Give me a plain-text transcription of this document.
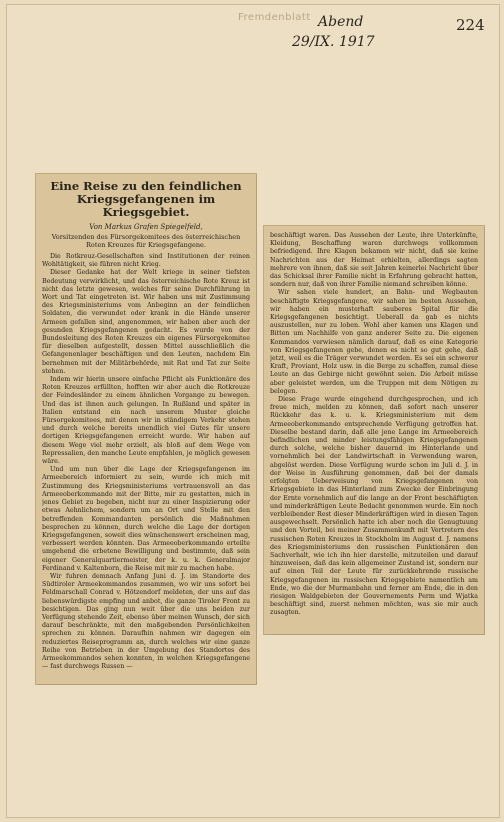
Fremdenblatt Abend
29/IX. 1917
224
Eine Reise zu den feindlichen Kriegsgefangenen im Kriegsgebiet.
Von Markus Grafen Spiegelfeld,
Vorsitzenden des Fürsorgekomitees des österreichischen Roten Kreuzes für Kriegsgefangene.

Die Rotkreuz-Gesellschaften sind Institutionen der reinen Wohltätigkeit, sie führen nicht Krieg.

Dieser Gedanke hat der Welt kriege in seiner tiefsten Bedeutung verwirklicht, und das österreichische Rote Kreuz ist nicht das letzte gewesen, welches für seine Durchführung in Wort und Tat eingetreten ist. Wir haben uns mit Zustimmung des Kriegsministeriums vom Anbeginn an der feindlichen Soldaten, die verwundet oder krank in die Hände unserer Armeen gefallen sind, angenommen, wir haben aber auch der gesunden Kriegsgefangenen gedacht. Es wurde von der Bundesleitung des Roten Kreuzes ein eigenes Fürsorgekomitee für dieselben aufgestellt, dessen Mittel ausschließlich die Gefangenenlager beschäftigen und den Leuten, nachdem Ein bernehmen mit der Militärbehörde, mit Rat und Tat zur Seite stehen.

Indem wir hierin unsere einfache Pflicht als Funktionäre des Roten Kreuzes erfüllten, hofften wir aber auch die Rotkreuze der Feindesländer zu einem ähnlichen Vorgange zu bewegen. Und das ist ihnen auch gelungen. In Rußland und später in Italien entstand ein nach unserem Muster gleiche Fürsorgekomitees, mit denen wir in ständigem Verkehr stehen und durch welche bereits unendlich viel Gutes für unsere dortigen Kriegsgefangenen erreicht wurde. Wir haben auf diesem Wege viel mehr erzielt, als bloß auf dem Wege von Repressalien, den manche Leute empfahlen, je möglich gewesen wäre.

Und um nun über die Lage der Kriegsgefangenen im Armeebereich informiert zu sein, wurde ich mich mit Zustimmung des Kriegsministeriums vertrauensvoll an das Armeeoberkommando mit der Bitte, mir zu gestatten, mich in jenes Gebiet zu begeben, nicht nur zu einer Inspizierung oder etwas Aehnlichem, sondern um an Ort und Stelle mit den betreffenden Kommandanten persönlich die Maßnahmen besprechen zu können, durch welche die Lage der dortigen Kriegsgefangenen, soweit dies wünschenswert erscheinen mag, verbessert werden könnten. Das Armeeoberkommando erteilte umgehend die erbetene Bewilligung und bestimmte, daß sein eigener Generalquartiermeister, der k. u. k. Generalmajor Ferdinand v. Kaltenborn, die Reise mit mir zu machen habe.

Wir fuhren demnach Anfang Juni d. J. im Standorte des Südtiroler Armeekommandos zusammen, wo wir uns sofort bei Feldmarschall Conrad v. Hötzendorf meldeten, der uns auf das liebenswürdigste empfing und anbot, die ganze Tiroler Front zu besichtigen. Das ging nun weit über die uns beiden zur Verfügung stehende Zeit, ebenso über meinen Wunsch, der sich darauf beschränkte, mit den maßgebenden Persönlichkeiten sprechen zu können. Daraufhin nahmen wir dagegen ein reduziertes Reiseprogramm an, durch welches wir eine ganze Reihe von Betrieben in der Umgebung des Standortes des Armeekommandos sehen konnten, in welchen Kriegsgefangene — fast durchwegs Russen —

beschäftigt waren. Das Aussehen der Leute, ihre Unterkünfte, Kleidung, Beschaffung waren durchwegs vollkommen befriedigend. Ihre Klagen bekamen wir nicht, daß sie keine Nachrichten aus der Heimat erhielten, allerdings sagten mehrere von ihnen, daß sie seit Jahren keinerlei Nachricht über das Schicksal ihrer Familie nicht in Erfahrung gebracht hatten, sondern nur, daß von ihrer Familie niemand schreiben könne.

Wir sahen viele hundert, an Bahn- und Wegbauten beschäftigte Kriegsgefangene, wir sahen im besten Aussehen, wir haben ein musterhaft sauberes Spital für die Kriegsgefangenen besichtigt. Ueberall da gab es nichts auszustellen, nur zu loben. Wohl aber kamen uns Klagen und Bitten um Nachhilfe von ganz anderer Seite zu. Die eigenen Kommandos verwiesen nämlich darauf, daß es eine Kategorie von Kriegsgefangenen gebe, denen es nicht so gut gehe, daß jetzt, weil es die Träger verwundet werden. Es sei ein schwerer Kraft, Proviant, Holz usw. in die Berge zu schaffen, zumal diese Leute an das Gebirge nicht gewöhnt seien. Die Arbeit müsse aber geleistet werden, um die Truppen mit dem Nötigen zu belegen.

Diese Frage wurde eingehend durchgesprochen, und ich freue mich, melden zu können, daß sofort nach unserer Rückkehr das k. u. k. Kriegsministerium mit dem Armeeoberkommando entsprechende Verfügung getroffen hat. Dieselbe bestand darin, daß alle jene Lange im Armeebereich befindlichen und minder leistungsfähigen Kriegsgefangenen durch solche, welche bisher dauernd im Hinterlande und vornehmlich bei der Landwirtschaft in Verwendung waren, abgelöst werden. Diese Verfügung wurde schon im Juli d. J. in der Weise in Ausführung genommen, daß bei der damals erfolgten Ueberweisung von Kriegsgefangenen von Kriegsgebiete in das Hinterland zum Zwecke der Einbringung der Ernte vornehmlich auf die lange an der Front beschäftigten und minderkräftigen Leute Bedacht genommen wurde. Ein noch verbleibender Rest dieser Minderkräftigen wird in diesen Tagen ausgewechselt. Persönlich hatte ich aber noch die Genugtuung und den Vorteil, bei meiner Zusammenkunft mit Vertretern des russischen Roten Kreuzes in Stockholm im August d. J. namens des Kriegsministeriums den russischen Funktionären den Sachverhalt, wie ich ihn hier darstelle, mitzuteilen und darauf hinzuweisen, daß das kein allgemeiner Zustand ist, sondern nur auf einen Teil der Leute für zurückkehrende russische Kriegsgefangenen im russischen Kriegsgebiete namentlich am Ende, wo die der Murmanbahn und ferner am Ende, die in den riesigen Waldgebieten der Gouvernements Perm und Wjatka beschäftigt sind, zuerst nehmen möchten, was sie mir auch zusagten.
